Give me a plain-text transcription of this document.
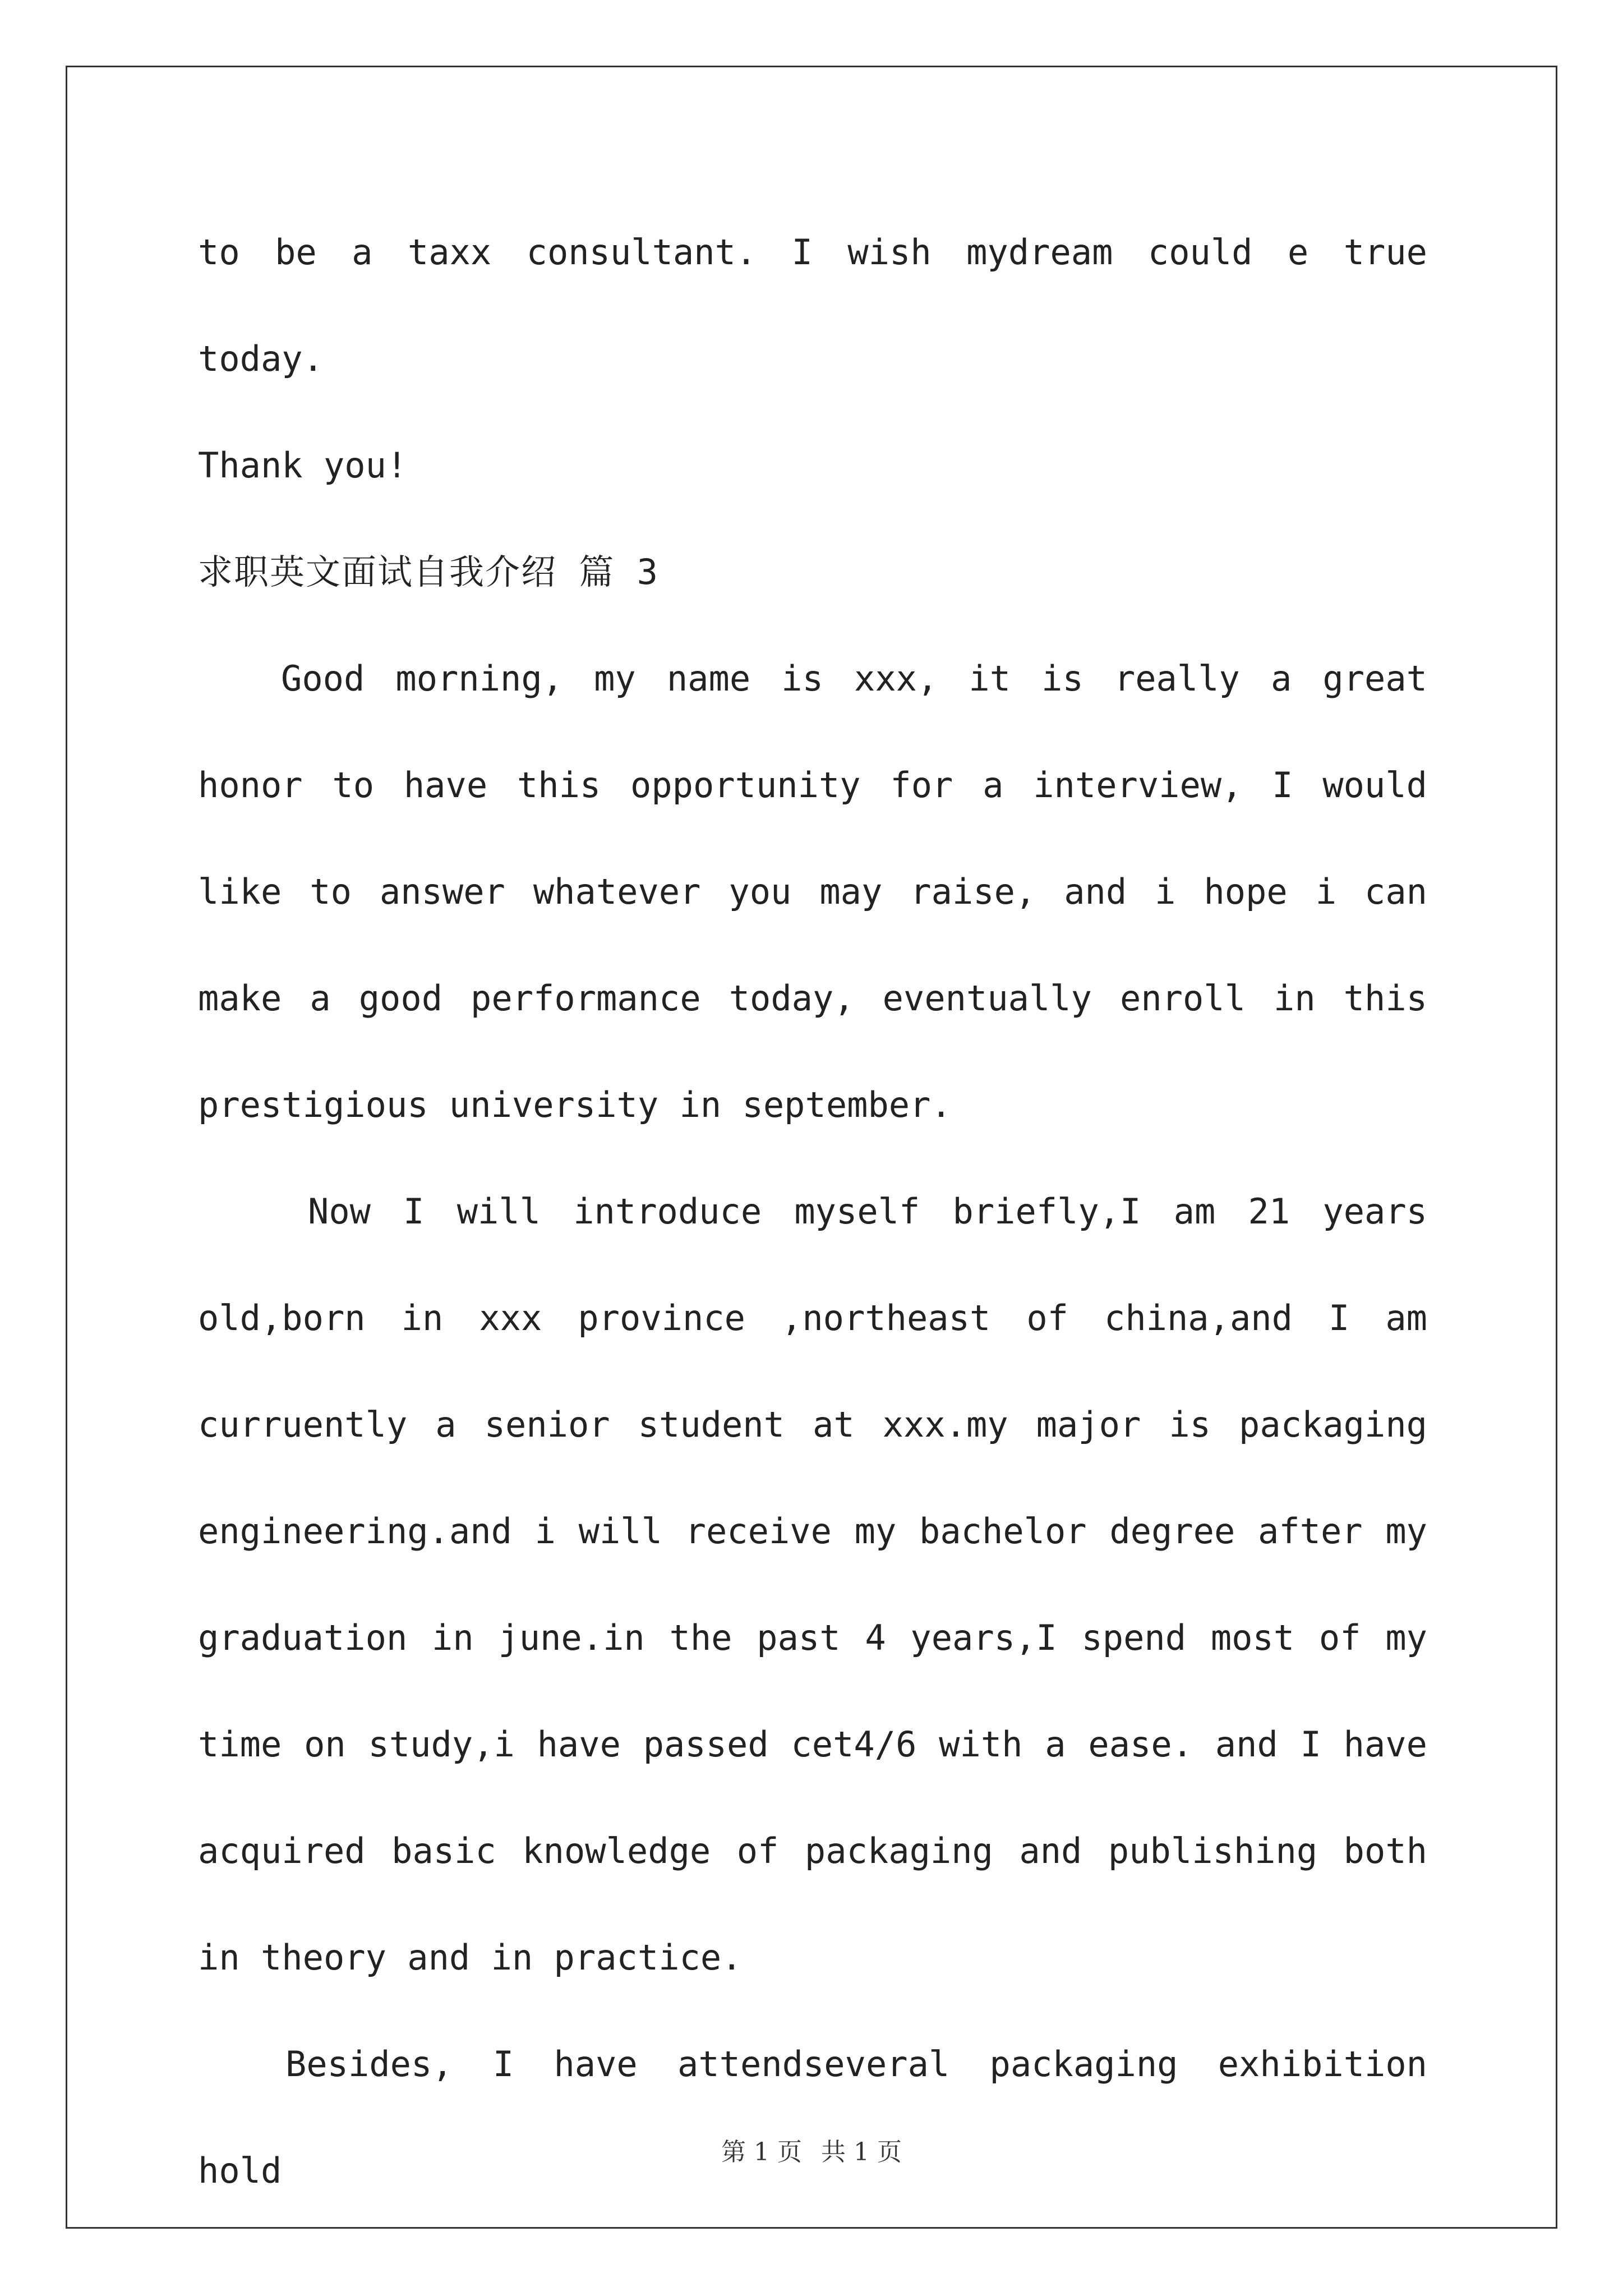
to be a taxx consultant. I wish mydream could e true today.

Thank you!

求职英文面试自我介绍 篇 3

Good morning, my name is xxx, it is really a great honor to have this opportunity for a interview, I would like to answer whatever you may raise, and i hope i can make a good performance today, eventually enroll in this prestigious university in september.

Now I will introduce myself briefly,I am 21 years old,born in xxx province ,northeast of china,and I am curruently a senior student at xxx.my major is packaging engineering.and i will receive my bachelor degree after my graduation in june.in the past 4 years,I spend most of my time on study,i have passed cet4/6 with a ease. and I have acquired basic knowledge of packaging and publishing both in theory and in practice.

Besides, I have attendseveral packaging exhibition hold	第 1 页 共 1 页
